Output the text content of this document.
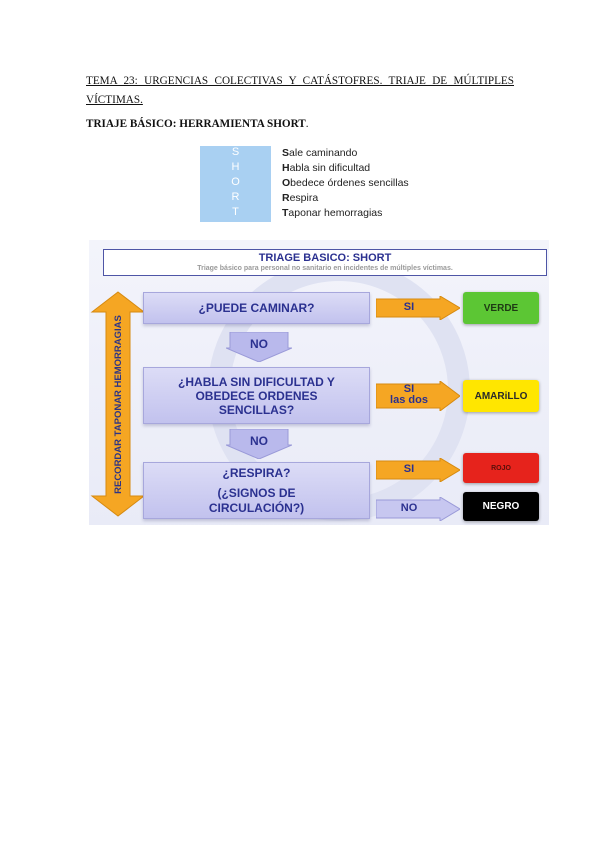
TEMA 23: URGENCIAS COLECTIVAS Y CATÁSTOFRES. TRIAJE DE MÚLTIPLES VÍCTIMAS.
TRIAJE BÁSICO: HERRAMIENTA SHORT.
S
H
O
R
T
Sale caminando
Habla sin dificultad
Obedece órdenes sencillas
Respira
Taponar hemorragias
TRIAGE BASICO: SHORT
Triage básico para personal no sanitario en incidentes de múltiples víctimas.
RECORDAR TAPONAR HEMORRAGIAS
¿PUEDE CAMINAR?
¿HABLA SIN DIFICULTAD Y
OBEDECE ORDENES
SENCILLAS?
¿RESPIRA?
(¿SIGNOS DE
CIRCULACIÓN?)
NO
NO
SI
SI
las dos
SI
NO
VERDE
AMARiLLO
ROJO
NEGRO
